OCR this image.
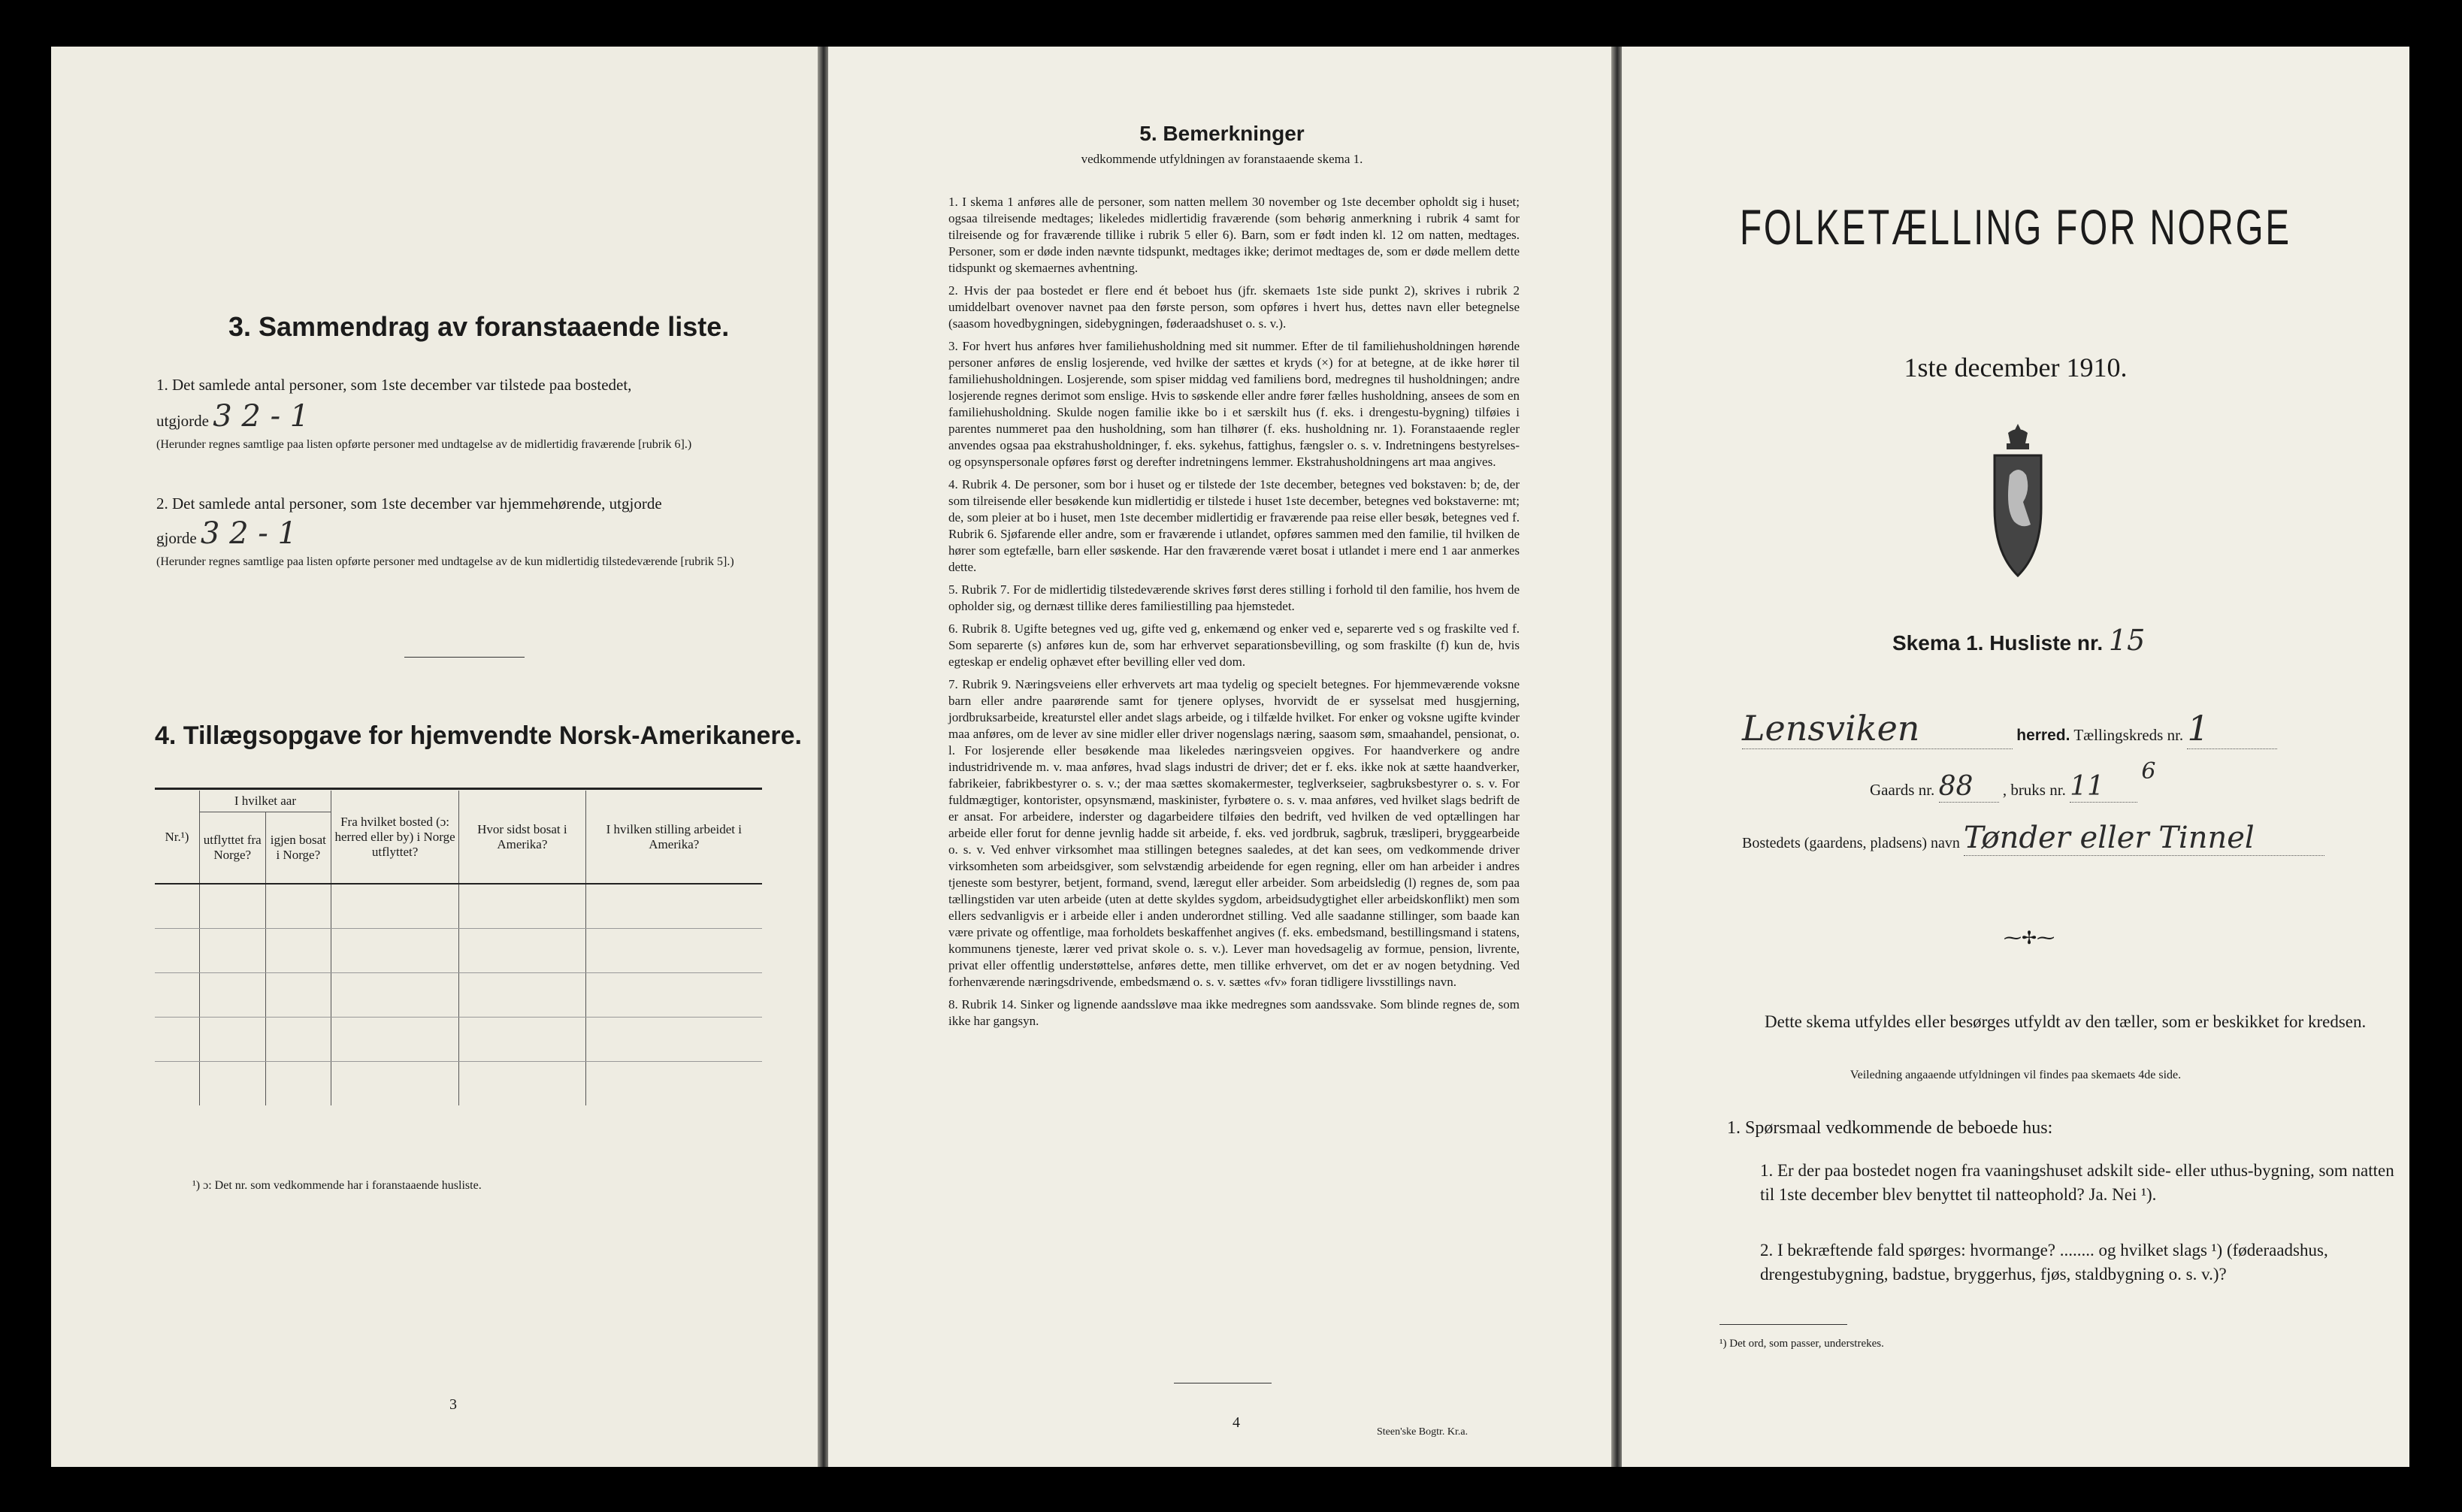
3. Sammendrag av foranstaaende liste.
1. Det samlede antal personer, som 1ste december var tilstede paa bostedet,
utgjorde 3 2 - 1
(Herunder regnes samtlige paa listen opførte personer med undtagelse av de midlertidig fraværende [rubrik 6].)
2. Det samlede antal personer, som 1ste december var hjemmehørende, utgjorde
gjorde 3 2 - 1
(Herunder regnes samtlige paa listen opførte personer med undtagelse av de kun midlertidig tilstedeværende [rubrik 5].)
4. Tillægsopgave for hjemvendte Norsk-Amerikanere.
Nr.¹)	I hvilket aar		Fra hvilket bosted (ɔ: herred eller by) i Norge utflyttet?	Hvor sidst bosat i Amerika?	I hvilken stilling arbeidet i Amerika?
	utflyttet fra Norge?	igjen bosat i Norge?			

¹) ɔ: Det nr. som vedkommende har i foranstaaende husliste.
3
5. Bemerkninger
vedkommende utfyldningen av foranstaaende skema 1.

1. I skema 1 anføres alle de personer, som natten mellem 30 november og 1ste december opholdt sig i huset; ogsaa tilreisende medtages; likeledes midlertidig fraværende (som behørig anmerkning i rubrik 4 samt for tilreisende og for fraværende tillike i rubrik 5 eller 6). Barn, som er født inden kl. 12 om natten, medtages. Personer, som er døde inden nævnte tidspunkt, medtages ikke; derimot medtages de, som er døde mellem dette tidspunkt og skemaernes avhentning.

2. Hvis der paa bostedet er flere end ét beboet hus (jfr. skemaets 1ste side punkt 2), skrives i rubrik 2 umiddelbart ovenover navnet paa den første person, som opføres i hvert hus, dettes navn eller betegnelse (saasom hovedbygningen, sidebygningen, føderaadshuset o. s. v.).

3. For hvert hus anføres hver familiehusholdning med sit nummer. Efter de til familiehusholdningen hørende personer anføres de enslig losjerende, ved hvilke der sættes et kryds (×) for at betegne, at de ikke hører til familiehusholdningen. Losjerende, som spiser middag ved familiens bord, medregnes til husholdningen; andre losjerende regnes derimot som enslige. Hvis to søskende eller andre fører fælles husholdning, ansees de som en familiehusholdning. Skulde nogen familie ikke bo i et særskilt hus (f. eks. i drengestu-bygning) tilføies i parentes nummeret paa den husholdning, som han tilhører (f. eks. husholdning nr. 1). Foranstaaende regler anvendes ogsaa paa ekstrahusholdninger, f. eks. sykehus, fattighus, fængsler o. s. v. Indretningens bestyrelses- og opsynspersonale opføres først og derefter indretningens lemmer. Ekstrahusholdningens art maa angives.

4. Rubrik 4. De personer, som bor i huset og er tilstede der 1ste december, betegnes ved bokstaven: b; de, der som tilreisende eller besøkende kun midlertidig er tilstede i huset 1ste december, betegnes ved bokstaverne: mt; de, som pleier at bo i huset, men 1ste december midlertidig er fraværende paa reise eller besøk, betegnes ved f. Rubrik 6. Sjøfarende eller andre, som er fraværende i utlandet, opføres sammen med den familie, til hvilken de hører som egtefælle, barn eller søskende. Har den fraværende været bosat i utlandet i mere end 1 aar anmerkes dette.

5. Rubrik 7. For de midlertidig tilstedeværende skrives først deres stilling i forhold til den familie, hos hvem de opholder sig, og dernæst tillike deres familiestilling paa hjemstedet.

6. Rubrik 8. Ugifte betegnes ved ug, gifte ved g, enkemænd og enker ved e, separerte ved s og fraskilte ved f. Som separerte (s) anføres kun de, som har erhvervet separationsbevilling, og som fraskilte (f) kun de, hvis egteskap er endelig ophævet efter bevilling eller ved dom.

7. Rubrik 9. Næringsveiens eller erhvervets art maa tydelig og specielt betegnes. For hjemmeværende voksne barn eller andre paarørende samt for tjenere oplyses, hvorvidt de er sysselsat med husgjerning, jordbruksarbeide, kreaturstel eller andet slags arbeide, og i tilfælde hvilket. For enker og voksne ugifte kvinder maa anføres, om de lever av sine midler eller driver nogenslags næring, saasom søm, smaahandel, pensionat, o. l. For losjerende eller besøkende maa likeledes næringsveien opgives. For haandverkere og andre industridrivende m. v. maa anføres, hvad slags industri de driver; det er f. eks. ikke nok at sætte haandverker, fabrikeier, fabrikbestyrer o. s. v.; der maa sættes skomakermester, teglverkseier, sagbruksbestyrer o. s. v. For fuldmægtiger, kontorister, opsynsmænd, maskinister, fyrbøtere o. s. v. maa anføres, ved hvilket slags bedrift de er ansat. For arbeidere, inderster og dagarbeidere tilføies den bedrift, ved hvilken de ved optællingen har arbeide eller forut for denne jevnlig hadde sit arbeide, f. eks. ved jordbruk, sagbruk, træsliperi, bryggearbeide o. s. v. Ved enhver virksomhet maa stillingen betegnes saaledes, at det kan sees, om vedkommende driver virksomheten som arbeidsgiver, som selvstændig arbeidende for egen regning, eller om han arbeider i andres tjeneste som bestyrer, betjent, formand, svend, læregut eller arbeider. Som arbeidsledig (l) regnes de, som paa tællingstiden var uten arbeide (uten at dette skyldes sygdom, arbeidsudygtighet eller arbeidskonflikt) men som ellers sedvanligvis er i arbeide eller i anden underordnet stilling. Ved alle saadanne stillinger, som baade kan være private og offentlige, maa forholdets beskaffenhet angives (f. eks. embedsmand, bestillingsmand i statens, kommunens tjeneste, lærer ved privat skole o. s. v.). Lever man hovedsagelig av formue, pension, livrente, privat eller offentlig understøttelse, anføres dette, men tillike erhvervet, om det er av nogen betydning. Ved forhenværende næringsdrivende, embedsmænd o. s. v. sættes «fv» foran tidligere livsstillings navn.

8. Rubrik 14. Sinker og lignende aandssløve maa ikke medregnes som aandssvake. Som blinde regnes de, som ikke har gangsyn.

4
Steen'ske Bogtr. Kr.a.
FOLKETÆLLING FOR NORGE
1ste december 1910.
Skema 1. Husliste nr. 15
Lensviken	herred. Tællingskreds nr. 1
Gaards nr. 88 , bruks nr. 11 6
Bostedets (gaardens, pladsens) navn Tønder eller Tinnel
⁓✢⁓
Dette skema utfyldes eller besørges utfyldt av den tæller, som er beskikket for kredsen.
Veiledning angaaende utfyldningen vil findes paa skemaets 4de side.
1. Spørsmaal vedkommende de beboede hus:
1. Er der paa bostedet nogen fra vaaningshuset adskilt side- eller uthus-bygning, som natten til 1ste december blev benyttet til natteophold? Ja. Nei ¹).
2. I bekræftende fald spørges: hvormange? ........ og hvilket slags ¹) (føderaadshus, drengestubygning, badstue, bryggerhus, fjøs, staldbygning o. s. v.)?
¹) Det ord, som passer, understrekes.
